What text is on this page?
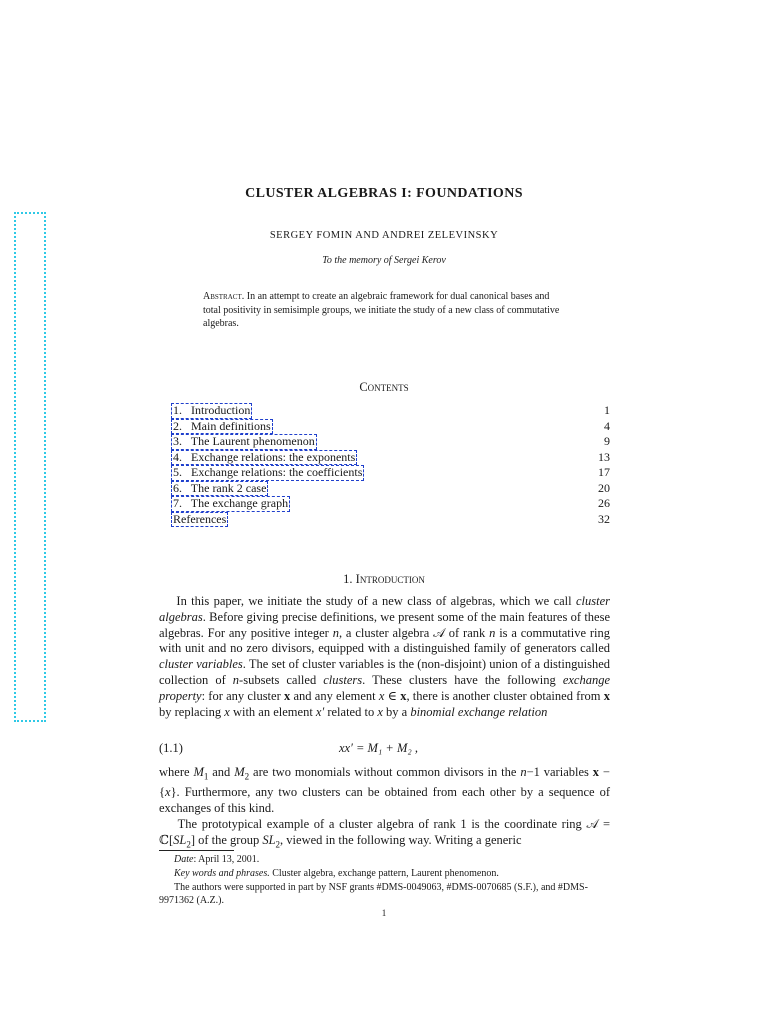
CLUSTER ALGEBRAS I: FOUNDATIONS
SERGEY FOMIN AND ANDREI ZELEVINSKY
To the memory of Sergei Kerov
Abstract. In an attempt to create an algebraic framework for dual canonical bases and total positivity in semisimple groups, we initiate the study of a new class of commutative algebras.
Contents
1.   Introduction	1
2.   Main definitions	4
3.   The Laurent phenomenon	9
4.   Exchange relations: the exponents	13
5.   Exchange relations: the coefficients	17
6.   The rank 2 case	20
7.   The exchange graph	26
References	32
1. Introduction
In this paper, we initiate the study of a new class of algebras, which we call cluster algebras. Before giving precise definitions, we present some of the main features of these algebras. For any positive integer n, a cluster algebra 𝒜 of rank n is a commutative ring with unit and no zero divisors, equipped with a distinguished family of generators called cluster variables. The set of cluster variables is the (non-disjoint) union of a distinguished collection of n-subsets called clusters. These clusters have the following exchange property: for any cluster x and any element x ∈ x, there is another cluster obtained from x by replacing x with an element x′ related to x by a binomial exchange relation
(1.1)	xx′ = M₁ + M₂ ,
where $M_1$ and $M_2$ are two monomials without common divisors in the n−1 variables x − {x}. Furthermore, any two clusters can be obtained from each other by a sequence of exchanges of this kind.
The prototypical example of a cluster algebra of rank 1 is the coordinate ring 𝒜 = $ℂ[SL_2]$ of the group $SL_2$, viewed in the following way. Writing a generic
Date: April 13, 2001.
Key words and phrases. Cluster algebra, exchange pattern, Laurent phenomenon.
The authors were supported in part by NSF grants #DMS-0049063, #DMS-0070685 (S.F.), and #DMS-9971362 (A.Z.).
1
